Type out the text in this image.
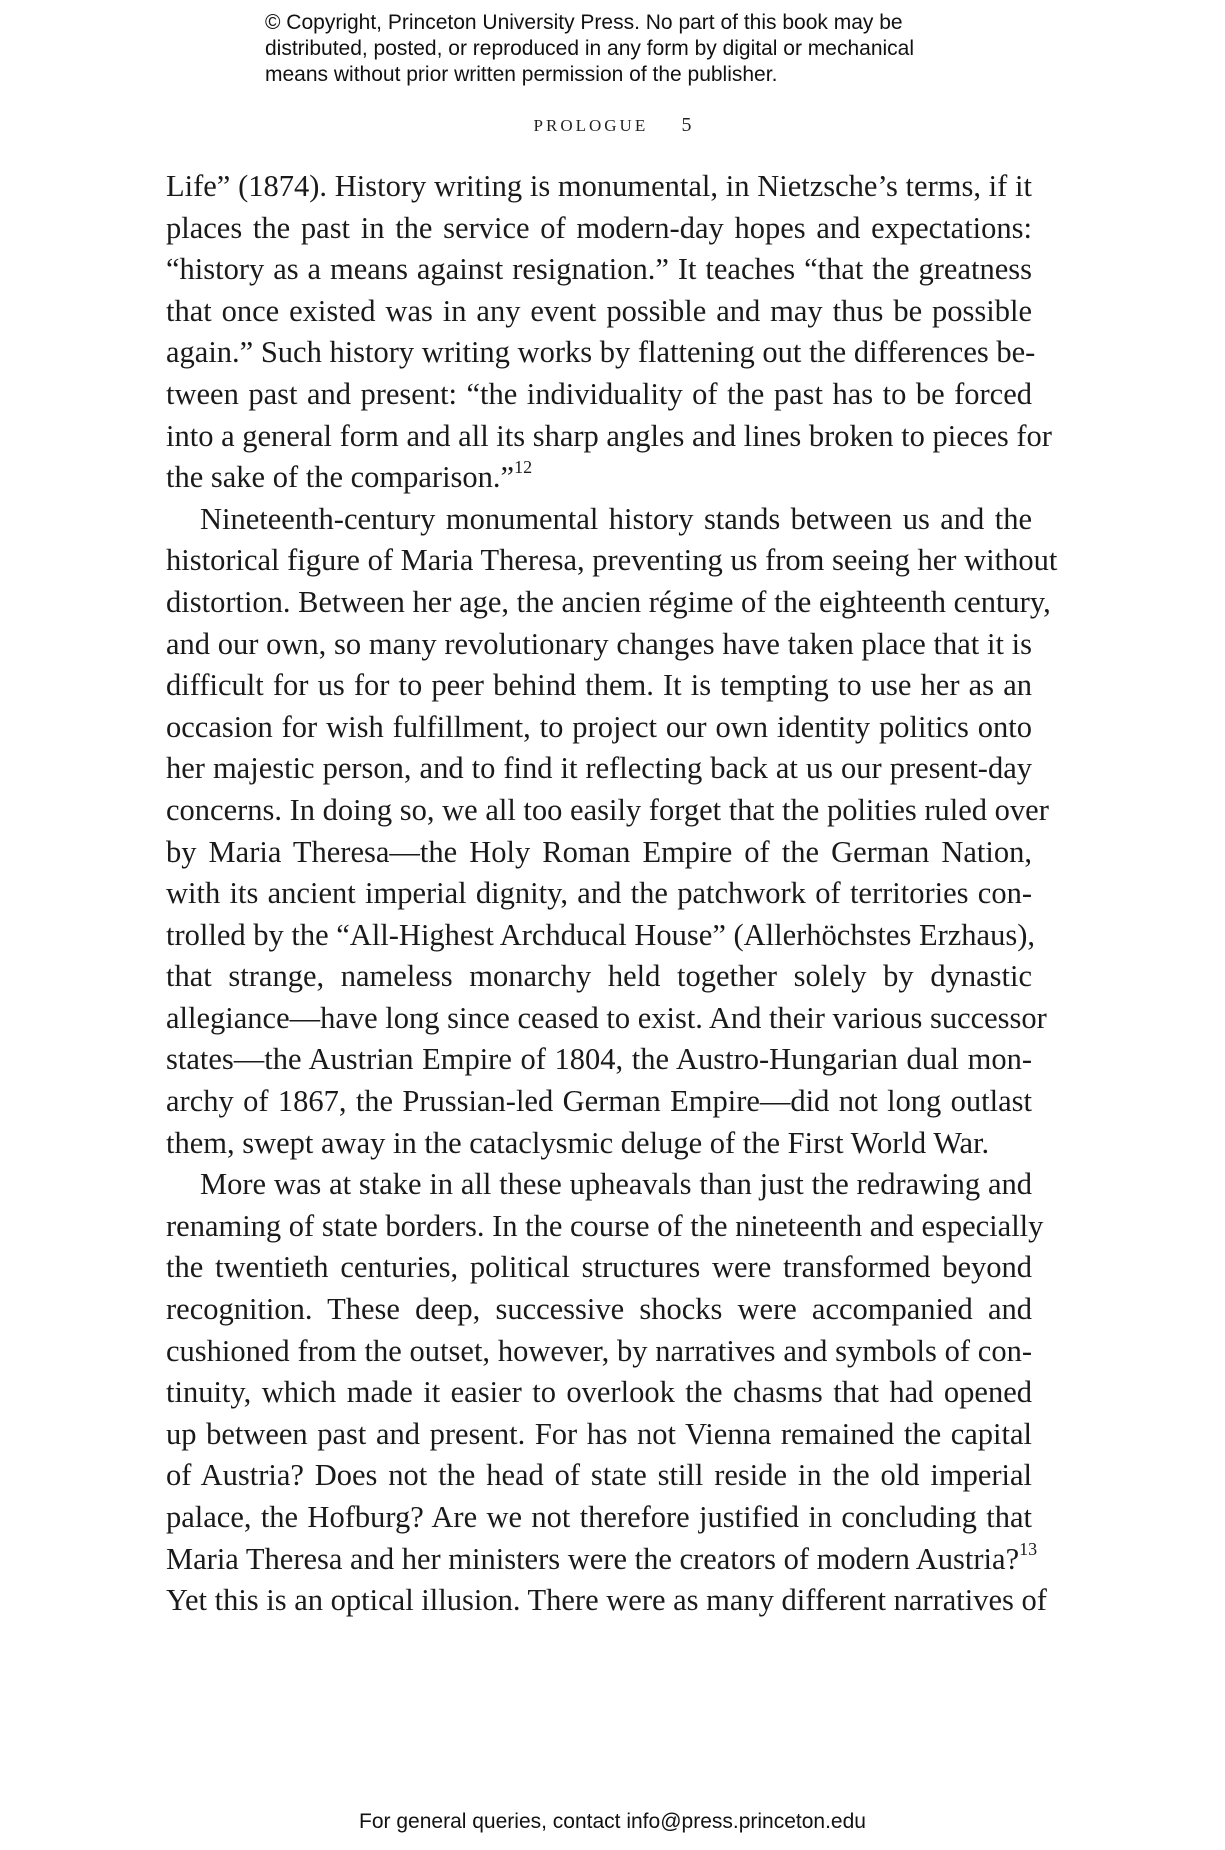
© Copyright, Princeton University Press. No part of this book may be
distributed, posted, or reproduced in any form by digital or mechanical
means without prior written permission of the publisher.
PROLOGUE 5
Life” (1874). History writing is monumental, in Nietzsche’s terms, if it
places the past in the service of modern-day hopes and expectations:
“history as a means against resignation.” It teaches “that the greatness
that once existed was in any event possible and may thus be possible
again.” Such history writing works by flattening out the differences be-
tween past and present: “the individuality of the past has to be forced
into a general form and all its sharp angles and lines broken to pieces for
the sake of the comparison.”$^{12}$
Nineteenth-century monumental history stands between us and the
historical figure of Maria Theresa, preventing us from seeing her without
distortion. Between her age, the ancien régime of the eighteenth century,
and our own, so many revolutionary changes have taken place that it is
difficult for us for to peer behind them. It is tempting to use her as an
occasion for wish fulfillment, to project our own identity politics onto
her majestic person, and to find it reflecting back at us our present-day
concerns. In doing so, we all too easily forget that the polities ruled over
by Maria Theresa—the Holy Roman Empire of the German Nation,
with its ancient imperial dignity, and the patchwork of territories con-
trolled by the “All-Highest Archducal House” (Allerhöchstes Erzhaus),
that strange, nameless monarchy held together solely by dynastic
allegiance—have long since ceased to exist. And their various successor
states—the Austrian Empire of 1804, the Austro-Hungarian dual mon-
archy of 1867, the Prussian-led German Empire—did not long outlast
them, swept away in the cataclysmic deluge of the First World War.
More was at stake in all these upheavals than just the redrawing and
renaming of state borders. In the course of the nineteenth and especially
the twentieth centuries, political structures were transformed beyond
recognition. These deep, successive shocks were accompanied and
cushioned from the outset, however, by narratives and symbols of con-
tinuity, which made it easier to overlook the chasms that had opened
up between past and present. For has not Vienna remained the capital
of Austria? Does not the head of state still reside in the old imperial
palace, the Hofburg? Are we not therefore justified in concluding that
Maria Theresa and her ministers were the creators of modern Austria?$^{13}$
Yet this is an optical illusion. There were as many different narratives of
For general queries, contact info@press.princeton.edu
